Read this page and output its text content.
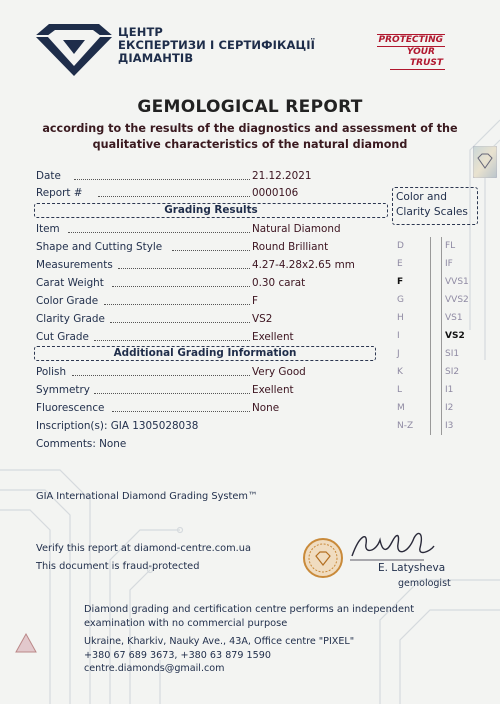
ЦЕНТР
ЕКСПЕРТИЗИ І СЕРТИФІКАЦІЇ
ДІАМАНТІВ
PROTECTING
YOUR
TRUST
GEMOLOGICAL REPORT
according to the results of the diagnostics and assessment of the
qualitative characteristics of the natural diamond
Date	21.12.2021
Report #	0000106
Grading Results
Item	Natural Diamond
Shape and Cutting Style	Round Brilliant
Measurements	4.27-4.28x2.65 mm
Carat Weight	0.30 carat
Color Grade	F
Clarity Grade	VS2
Cut Grade	Exellent
Additional Grading Information
Polish	Very Good
Symmetry	Exellent
Fluorescence	None
Inscription(s): GIA 1305028038
Comments: None
Color and
Clarity Scales
D
E
F
G
H
I
J
K
L
M
N-Z
FL
IF
VVS1
VVS2
VS1
VS2
SI1
SI2
I1
I2
I3
GIA International Diamond Grading System™
Verify this report at diamond-centre.com.ua
This document is fraud-protected	E. Latysheva
gemologist
Diamond grading and certification centre performs an independent examination with no commercial purpose
Ukraine, Kharkiv, Nauky Ave., 43A, Office centre "PIXEL"
+380 67 689 3673, +380 63 879 1590
centre.diamonds@gmail.com
